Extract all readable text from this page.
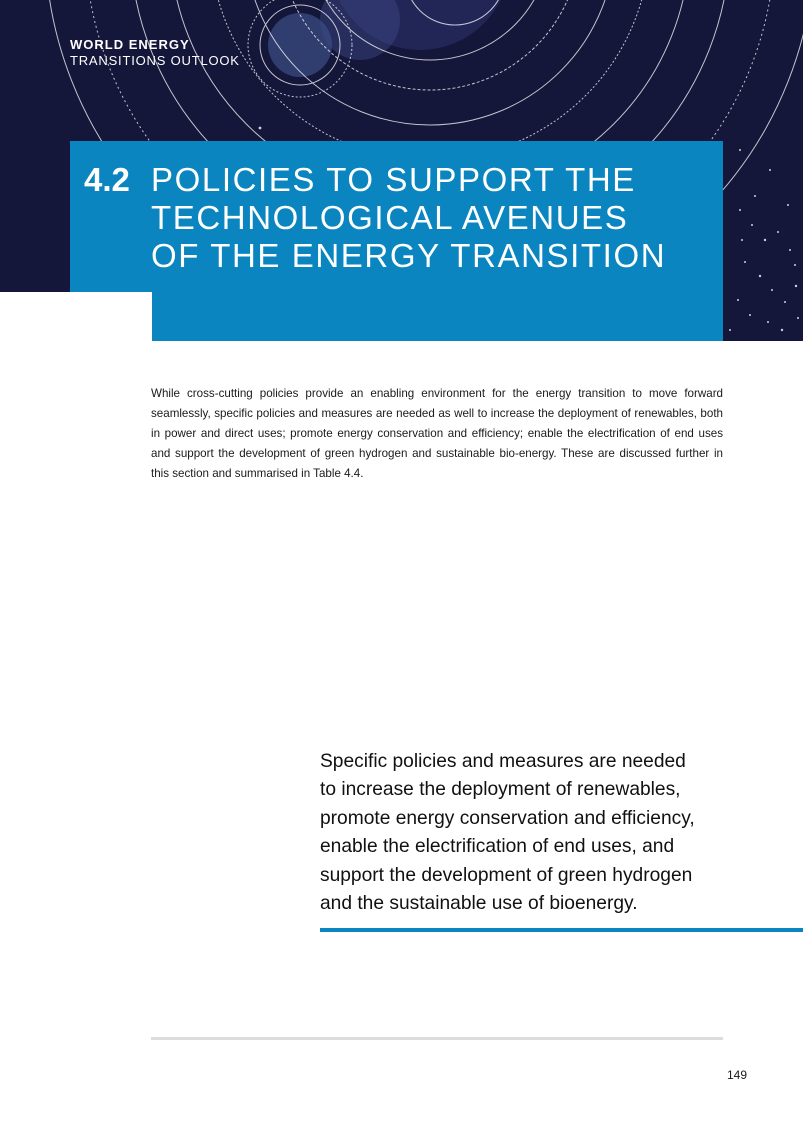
WORLD ENERGY
TRANSITIONS OUTLOOK
4.2 POLICIES TO SUPPORT THE
TECHNOLOGICAL AVENUES
OF THE ENERGY TRANSITION

While cross-cutting policies provide an enabling environment for the energy transition to move forward seamlessly, specific policies and measures are needed as well to increase the deployment of renewables, both in power and direct uses; promote energy conservation and efficiency; enable the electrification of end uses and support the development of green hydrogen and sustainable bio-energy. These are discussed further in this section and summarised in Table 4.4.

Specific policies and measures are needed
to increase the deployment of renewables,
promote energy conservation and efficiency,
enable the electrification of end uses, and
support the development of green hydrogen
and the sustainable use of bioenergy.
149
